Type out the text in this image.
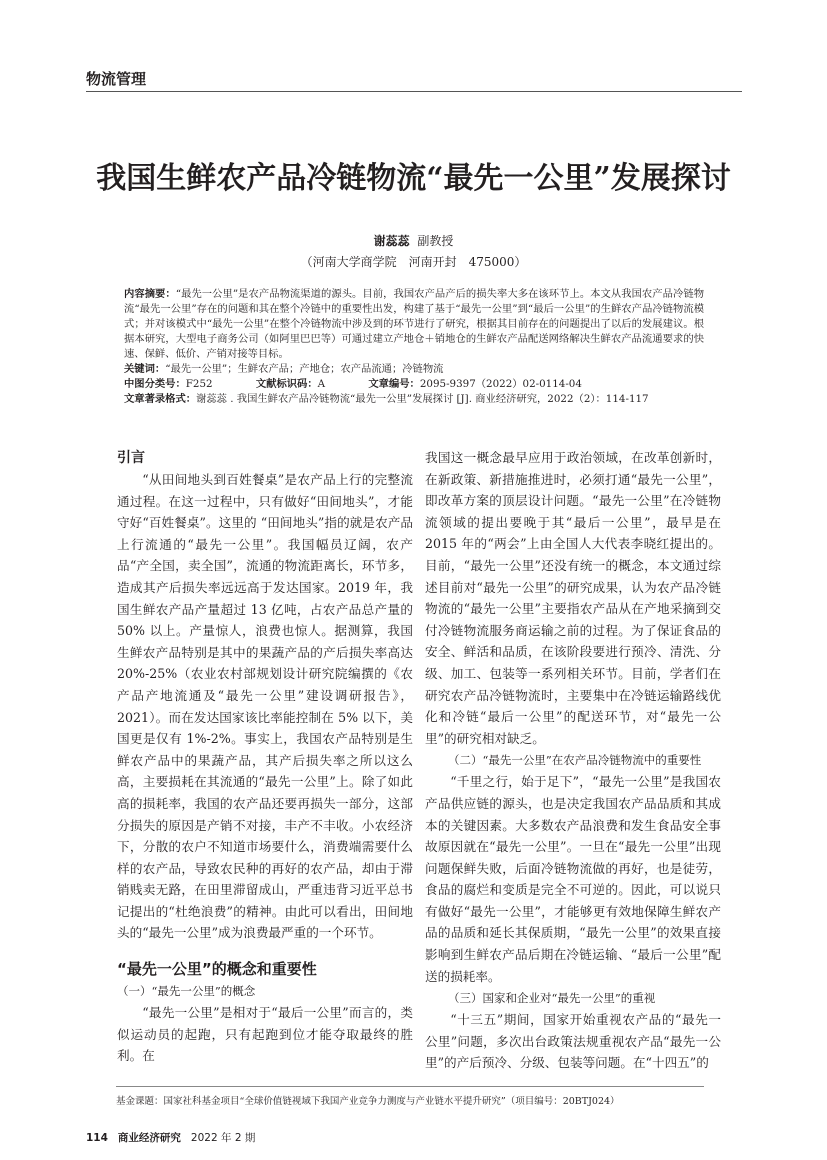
物流管理
我国生鲜农产品冷链物流“最先一公里”发展探讨
谢蕊蕊 副教授
（河南大学商学院　河南开封　475000）
内容摘要：“最先一公里”是农产品物流渠道的源头。目前，我国农产品产后的损失率大多在该环节上。本文从我国农产品冷链物流“最先一公里”存在的问题和其在整个冷链中的重要性出发，构建了基于“最先一公里”到“最后一公里”的生鲜农产品冷链物流模式；并对该模式中“最先一公里”在整个冷链物流中涉及到的环节进行了研究，根据其目前存在的问题提出了以后的发展建议。根据本研究，大型电子商务公司（如阿里巴巴等）可通过建立产地仓＋销地仓的生鲜农产品配送网络解决生鲜农产品流通要求的快速、保鲜、低价、产销对接等目标。
关键词：“最先一公里”；生鲜农产品；产地仓；农产品流通；冷链物流
中图分类号：F252	文献标识码：A	文章编号：2095-9397（2022）02-0114-04
文章著录格式：谢蕊蕊 . 我国生鲜农产品冷链物流“最先一公里”发展探讨 [J]. 商业经济研究，2022（2）：114-117
引言

“从田间地头到百姓餐桌”是农产品上行的完整流通过程。在这一过程中，只有做好“田间地头”，才能守好“百姓餐桌”。这里的 “田间地头”指的就是农产品上行流通的“最先一公里”。我国幅员辽阔，农产品“产全国，卖全国”，流通的物流距离长，环节多，造成其产后损失率远远高于发达国家。2019 年，我国生鲜农产品产量超过 13 亿吨，占农产品总产量的 50% 以上。产量惊人，浪费也惊人。据测算，我国生鲜农产品特别是其中的果蔬产品的产后损失率高达 20%-25%（农业农村部规划设计研究院编撰的《农产品产地流通及“最先一公里”建设调研报告》，2021）。而在发达国家该比率能控制在 5% 以下，美国更是仅有 1%-2%。事实上，我国农产品特别是生鲜农产品中的果蔬产品，其产后损失率之所以这么高，主要损耗在其流通的“最先一公里”上。除了如此高的损耗率，我国的农产品还要再损失一部分，这部分损失的原因是产销不对接，丰产不丰收。小农经济下，分散的农户不知道市场要什么，消费端需要什么样的农产品，导致农民种的再好的农产品，却由于滞销贱卖无路，在田里滞留成山，严重违背习近平总书记提出的“杜绝浪费”的精神。由此可以看出，田间地头的“最先一公里”成为浪费最严重的一个环节。

“最先一公里”的概念和重要性
（一）“最先一公里”的概念

“最先一公里”是相对于“最后一公里”而言的，类似运动员的起跑，只有起跑到位才能夺取最终的胜利。在

我国这一概念最早应用于政治领域，在改革创新时，在新政策、新措施推进时，必须打通“最先一公里”，即改革方案的顶层设计问题。“最先一公里”在冷链物流领域的提出要晚于其“最后一公里”，最早是在 2015 年的“两会”上由全国人大代表李晓红提出的。目前，“最先一公里”还没有统一的概念，本文通过综述目前对“最先一公里”的研究成果，认为农产品冷链物流的“最先一公里”主要指农产品从在产地采摘到交付冷链物流服务商运输之前的过程。为了保证食品的安全、鲜活和品质，在该阶段要进行预冷、清洗、分级、加工、包装等一系列相关环节。目前，学者们在研究农产品冷链物流时，主要集中在冷链运输路线优化和冷链“最后一公里”的配送环节，对“最先一公里”的研究相对缺乏。

（二）“最先一公里”在农产品冷链物流中的重要性

“千里之行，始于足下”，“最先一公里”是我国农产品供应链的源头，也是决定我国农产品品质和其成本的关键因素。大多数农产品浪费和发生食品安全事故原因就在“最先一公里”。一旦在“最先一公里”出现问题保鲜失败，后面冷链物流做的再好，也是徒劳，食品的腐烂和变质是完全不可逆的。因此，可以说只有做好“最先一公里”，才能够更有效地保障生鲜农产品的品质和延长其保质期，“最先一公里”的效果直接影响到生鲜农产品后期在冷链运输、“最后一公里”配送的损耗率。

（三）国家和企业对“最先一公里”的重视

“十三五”期间，国家开始重视农产品的“最先一公里”问题，多次出台政策法规重视农产品“最先一公里”的产后预冷、分级、包装等问题。在“十四五”的

基金课题：国家社科基金项目“全球价值链视域下我国产业竞争力测度与产业链水平提升研究”（项目编号：20BTJ024）
114 商业经济研究 2022 年 2 期
